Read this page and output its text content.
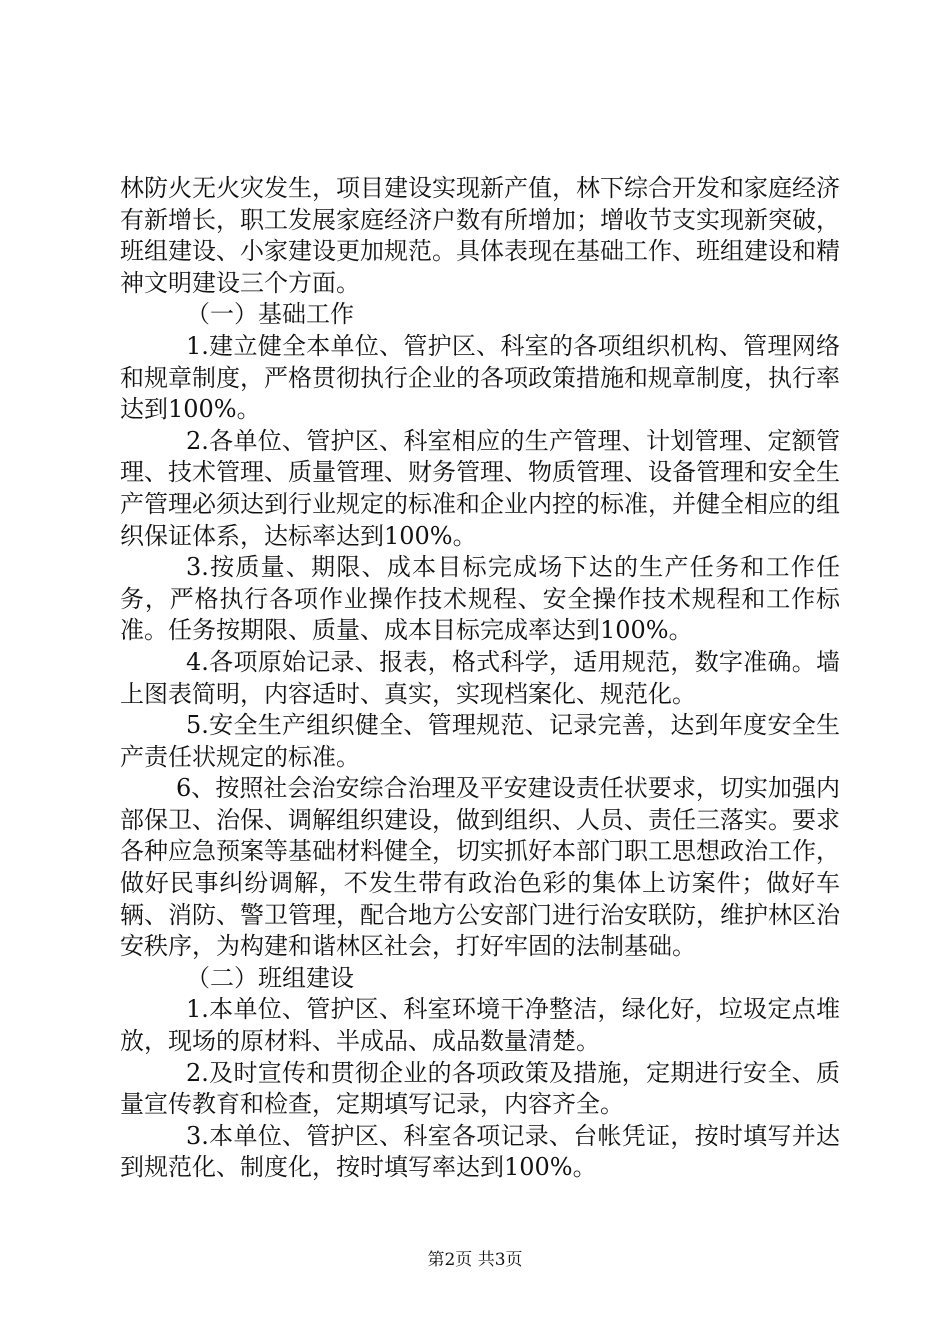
林防火无火灾发生，项目建设实现新产值，林下综合开发和家庭经济有新增长，职工发展家庭经济户数有所增加；增收节支实现新突破，班组建设、小家建设更加规范。具体表现在基础工作、班组建设和精神文明建设三个方面。

（一）基础工作

1.建立健全本单位、管护区、科室的各项组织机构、管理网络和规章制度，严格贯彻执行企业的各项政策措施和规章制度，执行率达到100%。

2.各单位、管护区、科室相应的生产管理、计划管理、定额管理、技术管理、质量管理、财务管理、物质管理、设备管理和安全生产管理必须达到行业规定的标准和企业内控的标准，并健全相应的组织保证体系，达标率达到100%。

3.按质量、期限、成本目标完成场下达的生产任务和工作任务，严格执行各项作业操作技术规程、安全操作技术规程和工作标准。任务按期限、质量、成本目标完成率达到100%。

4.各项原始记录、报表，格式科学，适用规范，数字准确。墙上图表简明，内容适时、真实，实现档案化、规范化。

5.安全生产组织健全、管理规范、记录完善，达到年度安全生产责任状规定的标准。

6、按照社会治安综合治理及平安建设责任状要求，切实加强内部保卫、治保、调解组织建设，做到组织、人员、责任三落实。要求各种应急预案等基础材料健全，切实抓好本部门职工思想政治工作，做好民事纠纷调解，不发生带有政治色彩的集体上访案件；做好车辆、消防、警卫管理，配合地方公安部门进行治安联防，维护林区治安秩序，为构建和谐林区社会，打好牢固的法制基础。

（二）班组建设

1.本单位、管护区、科室环境干净整洁，绿化好，垃圾定点堆放，现场的原材料、半成品、成品数量清楚。

2.及时宣传和贯彻企业的各项政策及措施，定期进行安全、质量宣传教育和检查，定期填写记录，内容齐全。

3.本单位、管护区、科室各项记录、台帐凭证，按时填写并达到规范化、制度化，按时填写率达到100%。

第2页 共3页
